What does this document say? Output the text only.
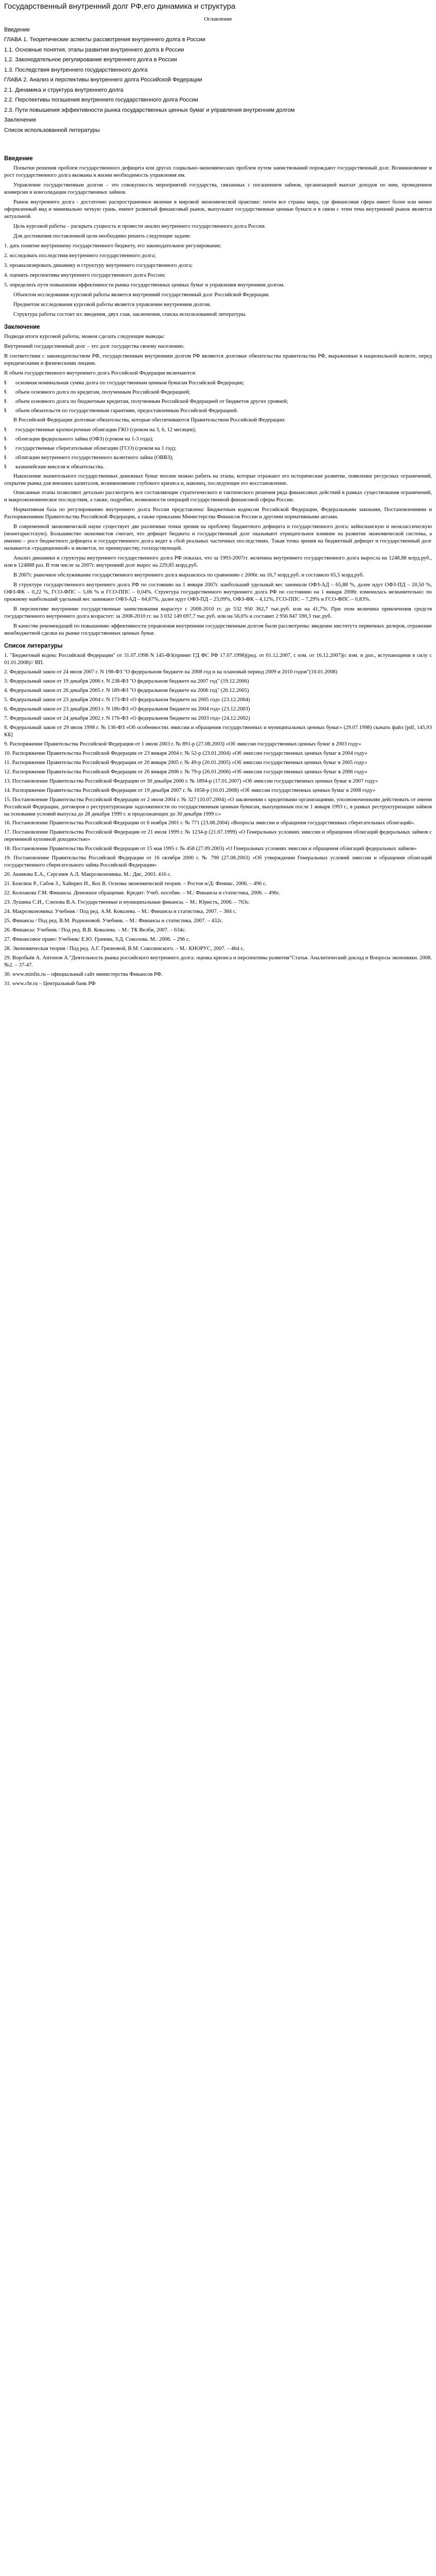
Государственный внутренний долг РФ,его динамика и структура
Оглавление
Введение
ГЛАВА 1. Теоретические аспекты рассмотрения внутреннего долга в России
1.1. Основные понятия, этапы развития внутреннего долга в России
1.2. Законодательное регулирование внутреннего долга в России
1.3. Последствия внутреннего государственного долга
ГЛАВА 2. Анализ и перспективы внутреннего долга Российской Федерации
2.1. Динамика и структура внутреннего долга
2.2. Перспективы погашения внутреннего государственного долга России
2.3. Пути повышения эффективности рынка государственных ценных бумаг и управления внутренним долгом
Заключение
Список использованной литературы
Введение

Попытки решения проблем государственного дефицита или другах социально-экономических проблем путем заимствований порождают государственный долг. Возникновение и рост государственного долга вызваны в жизни необходимость управления им.

Управление государственным долгом – это совокупность мероприятий государства, связанных с погашением займов, организацией выплат доходов по ним, проведением конверсии и консолидации государственных займов.

Рынок внутреннего долга - достаточно распространенное явление в мировой экономической практике: почти все страны мира, где финансовая сфера имеет более или менее оформленный вид и минимально четкую грань, имеют развитый финансовый рынок, выпускают государственные ценные бумаги и в связи с этим тема внутренний рынок является актуальной.

Цель курсовой работы – раскрыть сущность и провести анализ внутреннего государственного долга России.

Для достижения поставленной цели необходимо решить следующие задачи:

1. дать понятие внутреннему государственного бюджету, его законодательное регулирование;

2. исследовать последствия внутреннего государственного долга;

3. проанализировать динамику и структуру внутреннего государственного долга;

4. оценить перспективы внутреннего государственного долга России;

5. определить пути повышения эффективности рынка государственных ценных бумаг и управления внутренним долгом.

Объектом исследования курсовой работы является внутренний государственный долг Российской Федерации.

Предметом исследования курсовой работы является управление внутренним долгом.

Структура работы состоит из: введения, двух глав, заключения, списка использованной литературы.

Заключение

Подводя итоги курсовой работы, можем сделать следующие выводы:

Внутренний государственный долг – это долг государства своему населению.

В соответствии с законодательством РФ, государственным внутренним долгом РФ являются долговые обязательства правительства РФ, выраженные в национальной валюте, перед юридическими и физическими лицами.

В объем государственного внутреннего долга Российской Федерации включаются:

§	основная номинальная сумма долга по государственным ценным бумагам Российской Федерации;
§	объем основного долга по кредитам, полученным Российской Федерацией;
§	объем основного долга по бюджетным кредитам, полученным Российской Федерацией от бюджетов других уровней;
§	объем обязательств по государственным гарантиям, предоставленным Российской Федерацией.

В Российской Федерации долговые обязательства, которые обеспечиваются Правительством Российской Федерации:

§	государственные краткосрочные облигации ГКО (сроком на 3, 6, 12 месяцев);
§	облигации федерального займа (ОФЗ) (сроком на 1-3 года);
§	государственные сберегательные облигации (ГСО) (сроком на 1 год);
§	облигации внутреннего государственного валютного займа (ОВВЗ);
§	казначейские векселя и обязательства.

Накопление значительного государственных денежных бумаг вполне можно рабить на этапы, которые отражают его исторические развитие, появление ресурсных ограничений, открытие рынка для внешних капиталов, возникновение глубокого кризиса и, наконец, последующее его восстановление.

Описанные этапы позволяют детально рассмотреть все составляющие стратегического и тактического решения ряда финансовых действий в рамках существования ограничений, и макроэкономическое последствия, а также, подробно, возможности операций государственной финансовой сферы России.

Нормативная база по регулированию внутреннего долга России представлена: Бюджетным кодексом Российской Федерации, Федеральными законами, Постановлениями и Распоряжениями Правительства Российской Федерации, а также приказами Министерства Финансов России и другими нормативными актами.

В современной экономической науке существует две различные точки зрения на проблему бюджетного дефицита и государственного долга: кейнсианскую и неоклассическую (монетаристскую). Большинство экономистов считает, что дефицит бюджета и государственный долг оказывают отрицательное влияние на развитие экономической системы, а именно – рост бюджетного дефицита и государственного долга ведет к сбой реальных частичных последствиях. Такая точка зрения на бюджетный дефицит и государственный долг называется «традиционной» и является, по преимуществу, господствующей.

Анализ динамики и структуры внутреннего государственного долга РФ показал, что за 1993-2007гг. величина внутреннего государственного долга выросла на 1248,88 млрд.руб., или в 124888 раз. В том числе за 2007г. внутренний долг вырос на 229,85 млрд.руб.

В 2007г. рыночное обслуживание государственного внутреннего долга выразилось по сравнению с 2006г. на 16,7 млрд.руб. и составило 65,5 млрд.руб.

В структуре государственного внутреннего долга РФ по состоянию на 1 января 2007г. наибольший удельный вес занимали ОФЗ-АД – 65,88 %, далее идут ОФЗ-ПД – 20,50 %, ОФЗ-ФК – 0,22 %, ГСО-ФПС – 5,06 % и ГСО-ППС – 0,04%. Структура государственного внутреннего долга РФ по состоянию на 1 января 2008г. изменилась незначительно: по прежнему наибольший удельный вес занимают ОФЗ-АД – 64,67%, далее идут ОФЗ-ПД – 23,09%, ОФЗ-ФК – 4,12%, ГСО-ППС – 7,29% и ГСО-ФПС – 0,83%.

В перспективе внутренние государственные заимствования вырастут с 2008-2010 гг. до 532 950 362,7 тыс.руб. или на 41,7%. При этом величина привлечения средств государственного внутреннего долга возрастет: за 2008-2010 гг. на 3 032 149 697,7 тыс.руб. или на 56,6% и составит 2 956 847 590,3 тыс.руб.

В качестве рекомендаций по повышению эффективности управления внутренним государственным долгом были рассмотрены: введение института первичных дилеров, отражение межбюджетной сделки на рынке государственных ценных бумаг.

Список литературы
1. "Бюджетный кодекс Российской Федерации" от 31.07.1998 N 145-ФЗ(принят ГД ФС РФ 17.07.1998)(ред. от 01.12.2007, с изм. от 16.12.2007)(с изм. и доп., вступающими в силу с 01.01.2008)// ВП.
2. Федеральный закон от 24 июля 2007 г. N 198-ФЗ "О федеральном бюджете на 2008 год и на плановый период 2009 и 2010 годов"(10.01.2008)
3. Федеральный закон от 19 декабря 2006 г. N 238-ФЗ "О федеральном бюджете на 2007 год" (19.12.2006)
4. Федеральный закон от 26 декабря 2005 г. N 189-ФЗ "О федеральном бюджете на 2006 год" (26.12.2005)
5. Федеральный закон от 23 декабря 2004 г. N 173-ФЗ «О федеральном бюджете на 2005 год» (23.12.2004)
6. Федеральный закон от 23 декабря 2003 г. N 186-ФЗ «О федеральном бюджете на 2004 год» (23.12.2003)
7. Федеральный закон от 24 декабря 2002 г. N 176-ФЗ «О федеральном бюджете на 2003 год» (24.12.2002)
8. Федеральный закон от 29 июля 1998 г. № 136-ФЗ «Об особенностях эмиссии и обращения государственных и муниципальных ценных бумаг» (29.07.1998) скачать файл [pdf, 145,93 КБ]
9. Распоряжение Правительства Российской Федерации от 1 июля 2003 г. № 891-р (27.08.2003) «Об эмиссии государственных ценных бумаг в 2003 году»
10. Распоряжение Правительства Российской Федерации от 23 января 2004 г. № 52-р (23.01.2004) «Об эмиссии государственных ценных бумаг в 2004 году»
11. Распоряжение Правительства Российской Федерации от 20 января 2005 г. № 49-р (20.01.2005) «Об эмиссии государственных ценных бумаг в 2005 году»
12. Распоряжение Правительства Российской Федерации от 26 января 2006 г. № 79-р (26.01.2006) «Об эмиссии государственных ценных бумаг в 2006 году»
13. Постановление Правительства Российской Федерации от 30 декабря 2006 г. № 1894-р (17.01.2007) «Об эмиссии государственных ценных бумаг в 2007 году»
14. Распоряжение Правительства Российской Федерации от 19 декабря 2007 г. № 1858-р (10.01.2008) «Об эмиссии государственных ценных бумаг в 2008 году»
15. Постановление Правительства Российской Федерации от 2 июля 2004 г. № 327 (10.07.2004) «О заключении с кредитными организациями, уполномоченными действовать от имени Российской Федерации, договоров о реструктуризации задолженности по государственным ценным бумагам, выпущенным после 1 января 1993 г., в рамках реструктуризации займов на основании условий выпуска до 28 декабря 1999 г. и продолжающих до 30 декабря 1999 г.»
16. Постановление Правительства Российской Федерации от 6 ноября 2001 г. № 771 (23.08.2004) «Вопросы эмиссии и обращения государственных сберегательных облигаций».
17. Постановление Правительства Российской Федерации от 21 июля 1999 г. № 1234-р (21.07.1999) «О Генеральных условиях эмиссии и обращения облигаций федеральных займов с переменной купонной доходностью»
18. Постановление Правительства Российской Федерации от 15 мая 1995 г. № 458 (27.09.2003) «О Генеральных условиях эмиссии и обращения облигаций федеральных займов»
19. Постановление Правительства Российской Федерации от 16 октября 2000 г. № 790 (27.08.2003) «Об утверждении Генеральных условий эмиссии и обращения облигаций государственного сберегательного займа Российской Федерации»
20. Акимова Е.А., Сергачев А.Л. Макроэкономика. М.: Дис, 2003. 416 с.
21. Базелюк Р., Сабов З., Хайнрих И., Кох В. Основы экономической теории. – Ростов н/Д: Феникс, 2006. – 496 с.
22. Колпакова Г.М. Финансы. Денежное обращение. Кредит: Учеб. пособие. – М.: Финансы и статистика, 2006. – 496с.
23. Лушина С.И., Слепова В.А. Государственные и муниципальные финансы. – М.: Юристъ, 2006. – 763с.
24. Макроэкономика: Учебник / Под ред. А.М. Ковалева. – М.: Финансы и статистика, 2007. – 384 с.
25. Финансы / Под ред. В.М. Родионовой. Учебник. – М.: Финансы и статистика, 2007. – 432с.
26. Финансы: Учебник / Под ред. В.В. Ковалева. – М.: ТК Велби, 2007. – 634с.
27. Финансовое право: Учебник/ Е.Ю. Грачева, З.Д. Соколова. М.: 2006. – 296 с.
28. Экономическая теория / Под ред. А.Г. Грязновой, В.М. Соколинского. – М.: КНОРУС, 2007. – 464 с.
29. Воробьёв А. Антонов А."Деятельность рынка российского внутреннего долга: оценка кризиса и перспективы развития"Статья. Аналитический доклад и Вопросы экономики. 2008. №2. – 37-47.
30. www.minfin.ru – официальный сайт министерства Финансов РФ.
31. www.cbr.ru – Центральный банк РФ
